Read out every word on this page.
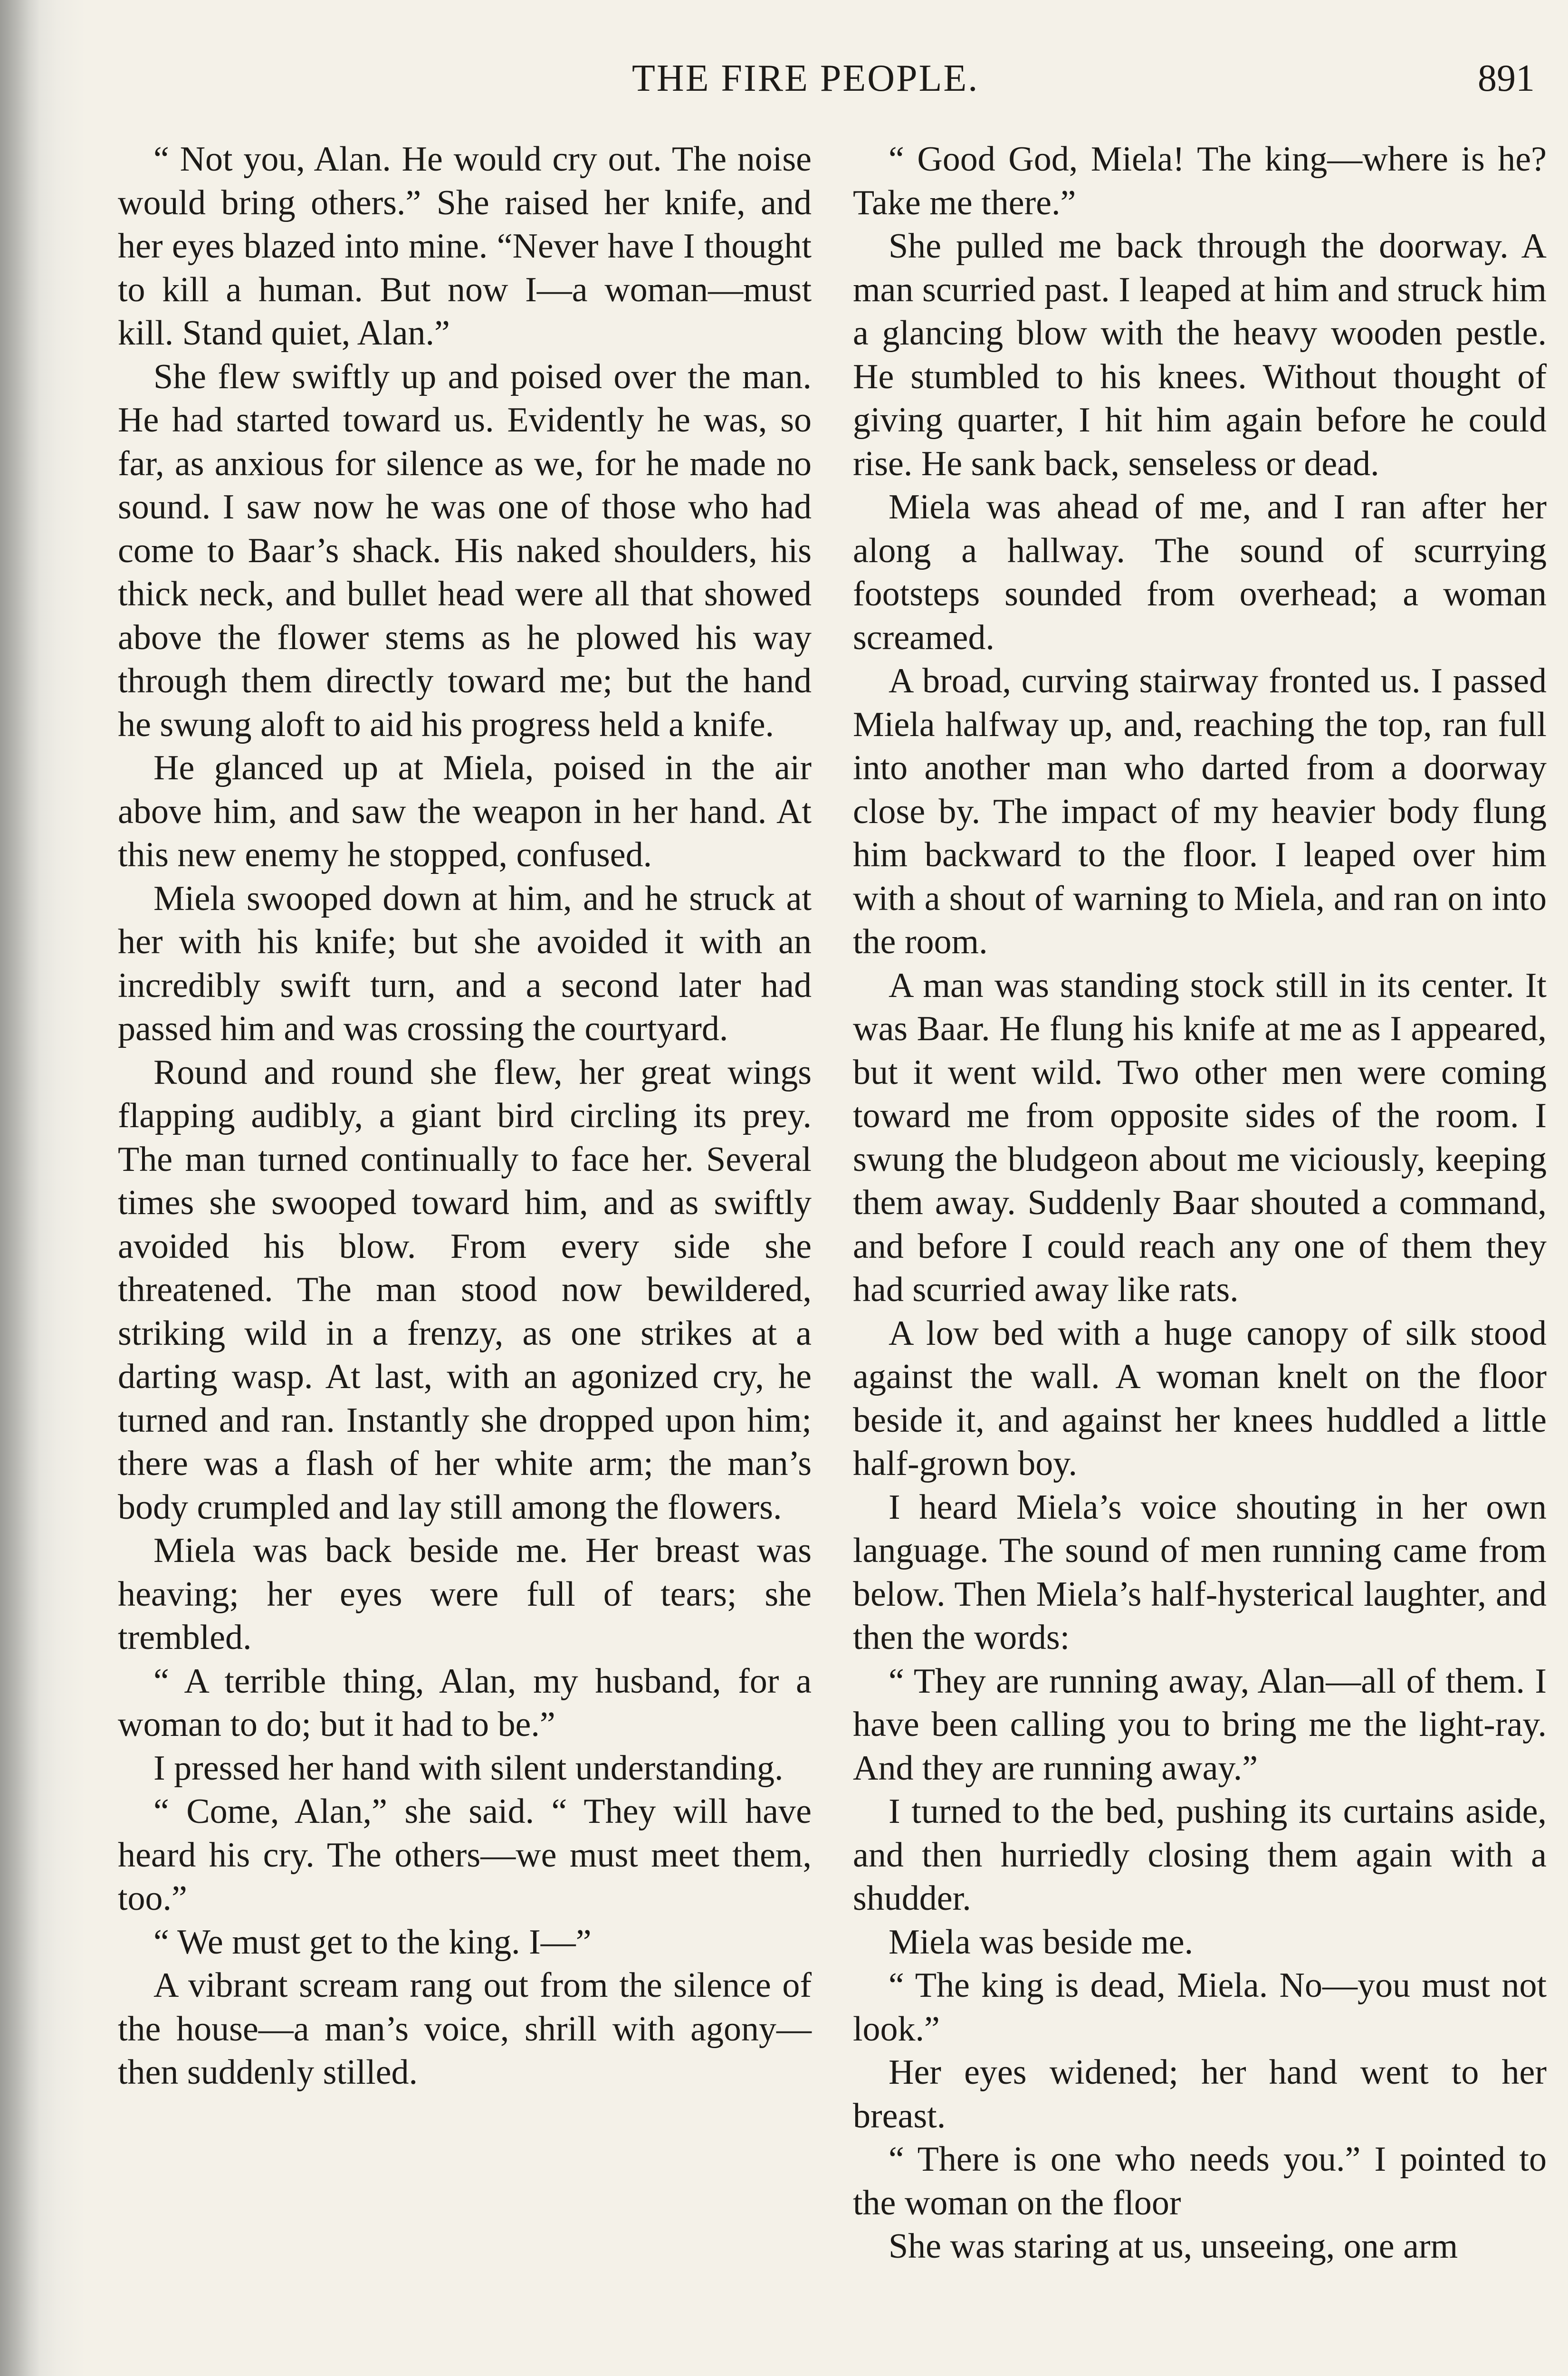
THE FIRE PEOPLE.	891

“ Not you, Alan. He would cry out. The noise would bring others.” She raised her knife, and her eyes blazed into mine. “Never have I thought to kill a human. But now I—a woman—must kill. Stand quiet, Alan.”

She flew swiftly up and poised over the man. He had started toward us. Evidently he was, so far, as anxious for silence as we, for he made no sound. I saw now he was one of those who had come to Baar’s shack. His naked shoulders, his thick neck, and bullet head were all that showed above the flower stems as he plowed his way through them directly toward me; but the hand he swung aloft to aid his progress held a knife.

He glanced up at Miela, poised in the air above him, and saw the weapon in her hand. At this new enemy he stopped, confused.

Miela swooped down at him, and he struck at her with his knife; but she avoided it with an incredibly swift turn, and a second later had passed him and was crossing the courtyard.

Round and round she flew, her great wings flapping audibly, a giant bird circling its prey. The man turned continually to face her. Several times she swooped toward him, and as swiftly avoided his blow. From every side she threatened. The man stood now bewildered, striking wild in a frenzy, as one strikes at a darting wasp. At last, with an agonized cry, he turned and ran. Instantly she dropped upon him; there was a flash of her white arm; the man’s body crumpled and lay still among the flowers.

Miela was back beside me. Her breast was heaving; her eyes were full of tears; she trembled.

“ A terrible thing, Alan, my husband, for a woman to do; but it had to be.”

I pressed her hand with silent understanding.

“ Come, Alan,” she said. “ They will have heard his cry. The others—we must meet them, too.”

“ We must get to the king. I—”

A vibrant scream rang out from the silence of the house—a man’s voice, shrill with agony—then suddenly stilled.

“ Good God, Miela! The king—where is he? Take me there.”

She pulled me back through the doorway. A man scurried past. I leaped at him and struck him a glancing blow with the heavy wooden pestle. He stumbled to his knees. Without thought of giving quarter, I hit him again before he could rise. He sank back, senseless or dead.

Miela was ahead of me, and I ran after her along a hallway. The sound of scurrying footsteps sounded from overhead; a woman screamed.

A broad, curving stairway fronted us. I passed Miela halfway up, and, reaching the top, ran full into another man who darted from a doorway close by. The impact of my heavier body flung him backward to the floor. I leaped over him with a shout of warning to Miela, and ran on into the room.

A man was standing stock still in its center. It was Baar. He flung his knife at me as I appeared, but it went wild. Two other men were coming toward me from opposite sides of the room. I swung the bludgeon about me viciously, keeping them away. Suddenly Baar shouted a command, and before I could reach any one of them they had scurried away like rats.

A low bed with a huge canopy of silk stood against the wall. A woman knelt on the floor beside it, and against her knees huddled a little half-grown boy.

I heard Miela’s voice shouting in her own language. The sound of men running came from below. Then Miela’s half-hysterical laughter, and then the words:

“ They are running away, Alan—all of them. I have been calling you to bring me the light-ray. And they are running away.”

I turned to the bed, pushing its curtains aside, and then hurriedly closing them again with a shudder.

Miela was beside me.

“ The king is dead, Miela. No—you must not look.”

Her eyes widened; her hand went to her breast.

“ There is one who needs you.” I pointed to the woman on the floor

She was staring at us, unseeing, one arm
